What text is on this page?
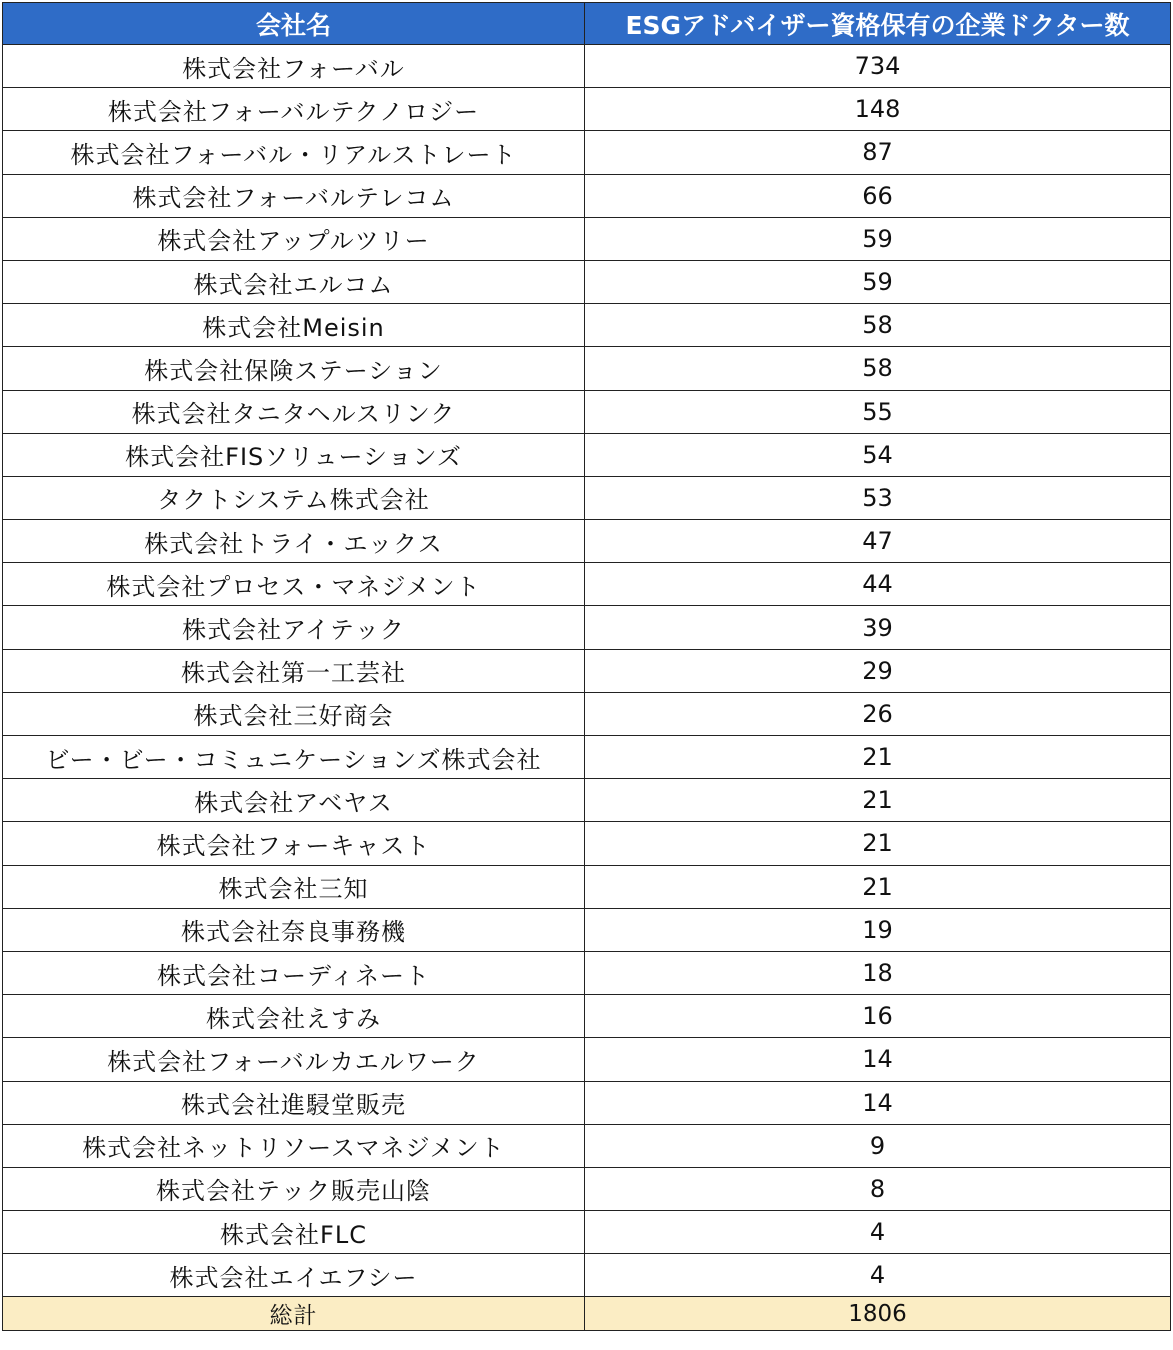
会社名	ESGアドバイザー資格保有の企業ドクター数
株式会社フォーバル	734
株式会社フォーバルテクノロジー	148
株式会社フォーバル・リアルストレート	87
株式会社フォーバルテレコム	66
株式会社アップルツリー	59
株式会社エルコム	59
株式会社Meisin	58
株式会社保険ステーション	58
株式会社タニタヘルスリンク	55
株式会社FISソリューションズ	54
タクトシステム株式会社	53
株式会社トライ・エックス	47
株式会社プロセス・マネジメント	44
株式会社アイテック	39
株式会社第一工芸社	29
株式会社三好商会	26
ビー・ビー・コミュニケーションズ株式会社	21
株式会社アベヤス	21
株式会社フォーキャスト	21
株式会社三知	21
株式会社奈良事務機	19
株式会社コーディネート	18
株式会社えすみ	16
株式会社フォーバルカエルワーク	14
株式会社進駸堂販売	14
株式会社ネットリソースマネジメント	9
株式会社テック販売山陰	8
株式会社FLC	4
株式会社エイエフシー	4
総計	1806
